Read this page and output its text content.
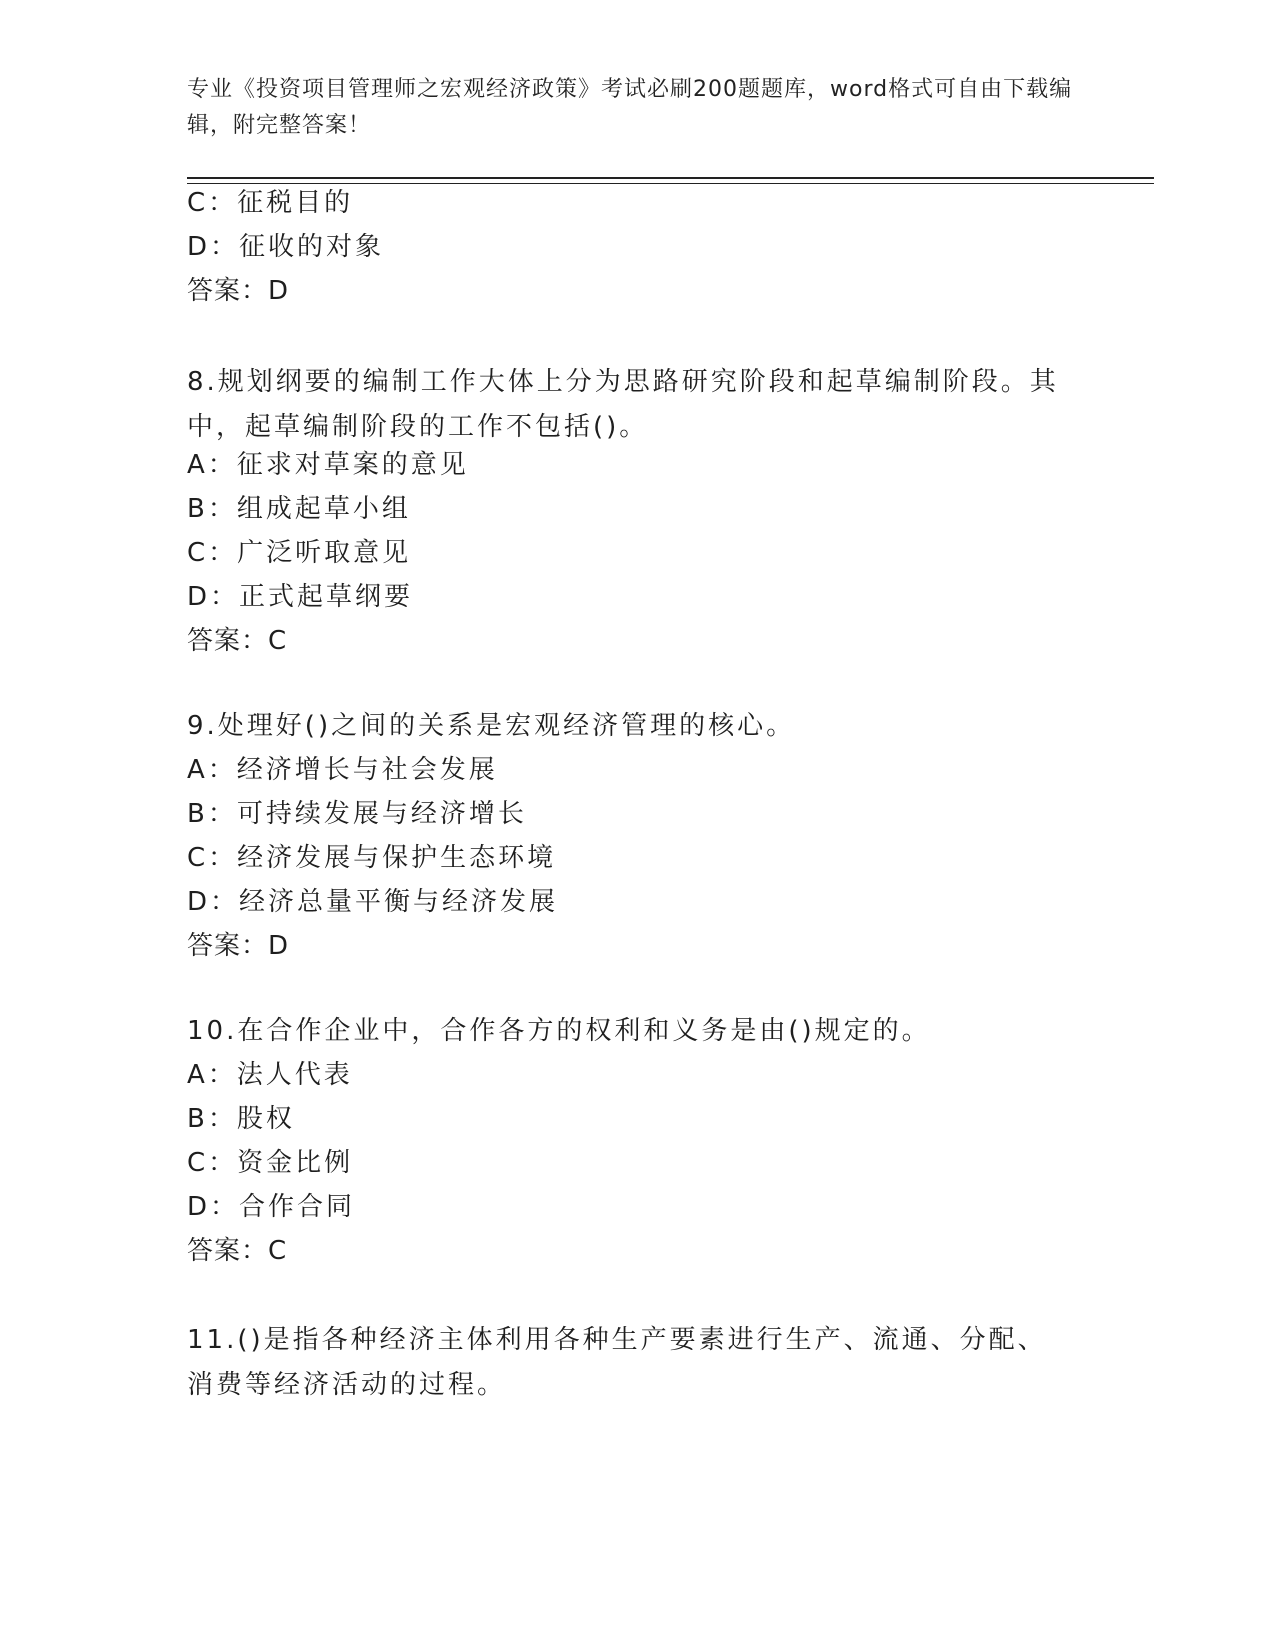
专业《投资项目管理师之宏观经济政策》考试必刷200题题库，word格式可自由下载编辑，附完整答案！
C：征税目的
D：征收的对象
答案：D
8.规划纲要的编制工作大体上分为思路研究阶段和起草编制阶段。其中，起草编制阶段的工作不包括()。
A：征求对草案的意见
B：组成起草小组
C：广泛听取意见
D：正式起草纲要
答案：C
9.处理好()之间的关系是宏观经济管理的核心。
A：经济增长与社会发展
B：可持续发展与经济增长
C：经济发展与保护生态环境
D：经济总量平衡与经济发展
答案：D
10.在合作企业中，合作各方的权利和义务是由()规定的。
A：法人代表
B：股权
C：资金比例
D：合作合同
答案：C
11.()是指各种经济主体利用各种生产要素进行生产、流通、分配、消费等经济活动的过程。
